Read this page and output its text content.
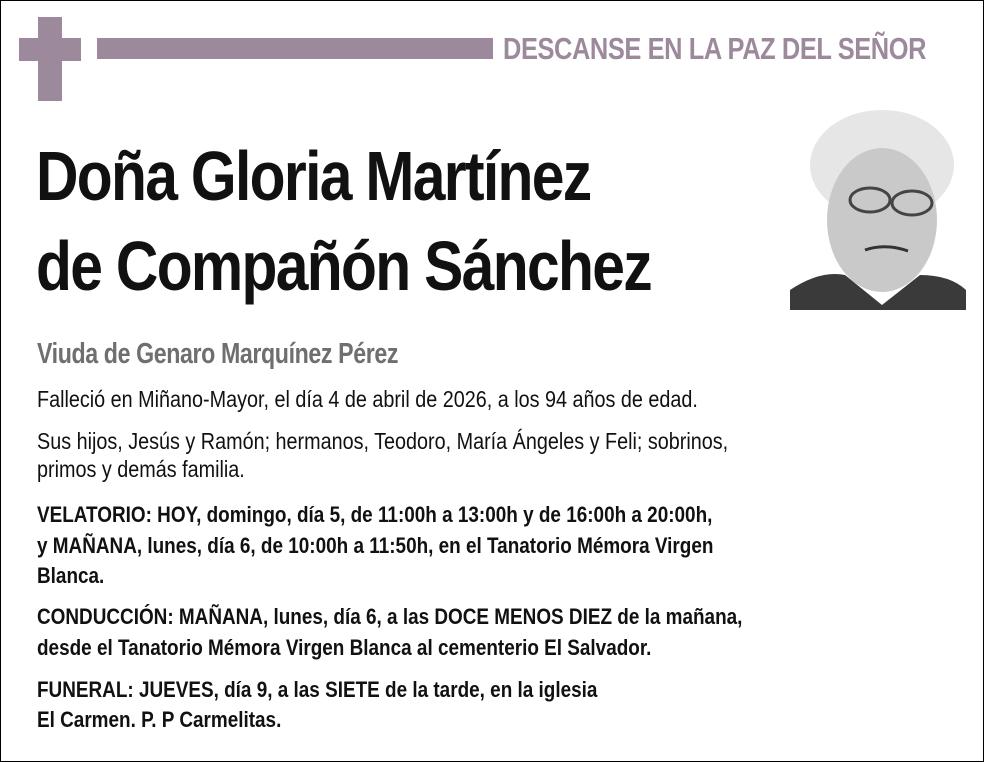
DESCANSE EN LA PAZ DEL SEÑOR
Doña Gloria Martínez
de Compañón Sánchez
Viuda de Genaro Marquínez Pérez
Falleció en Miñano-Mayor, el día 4 de abril de 2026, a los 94 años de edad.
Sus hijos, Jesús y Ramón; hermanos, Teodoro, María Ángeles y Feli; sobrinos,
primos y demás familia.
VELATORIO: HOY, domingo, día 5, de 11:00h a 13:00h y de 16:00h a 20:00h,
y MAÑANA, lunes, día 6, de 10:00h a 11:50h, en el Tanatorio Mémora Virgen
Blanca.
CONDUCCIÓN: MAÑANA, lunes, día 6, a las DOCE MENOS DIEZ de la mañana,
desde el Tanatorio Mémora Virgen Blanca al cementerio El Salvador.
FUNERAL: JUEVES, día 9, a las SIETE de la tarde, en la iglesia
El Carmen. P. P Carmelitas.
